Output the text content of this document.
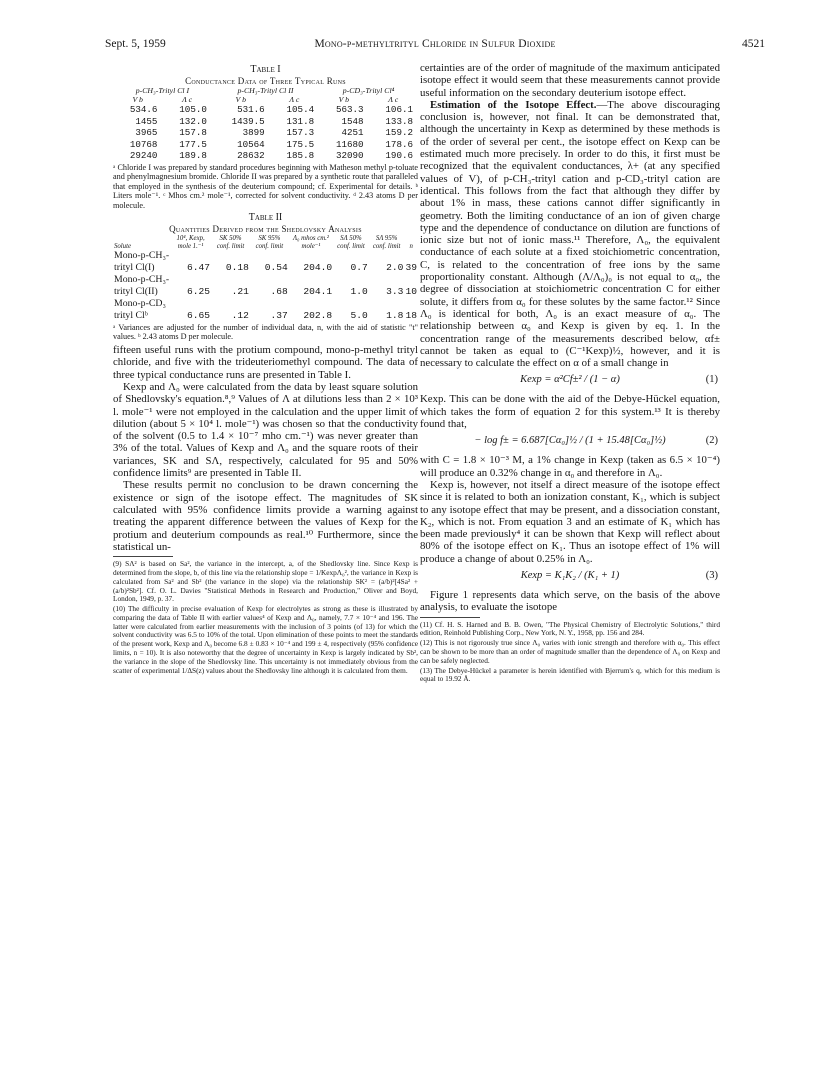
Sept. 5, 1959	Mono-p-methyltrityl Chloride in Sulfur Dioxide	4521
Table I
Conductance Data of Three Typical Runs
p-CH₃-Trityl Cl I		p-CH₃-Trityl Cl II		p-CD₃-Trityl Cl⁴	
V b	Λ c	V b	Λ c	V b	Λ c
534.6	105.0	531.6	105.4	563.3	106.1
1455	132.0	1439.5	131.8	1548	133.8
3965	157.8	3899	157.3	4251	159.2
10768	177.5	10564	175.5	11680	178.6
29240	189.8	28632	185.8	32090	190.6
ᵃ Chloride I was prepared by standard procedures beginning with Matheson methyl p-toluate and phenylmagnesium bromide. Chloride II was prepared by a synthetic route that paralleled that employed in the synthesis of the deuterium compound; cf. Experimental for details. ᵇ Liters mole⁻¹. ᶜ Mhos cm.² mole⁻¹, corrected for solvent conductivity. ᵈ 2.43 atoms D per molecule.
Table II
Quantities Derived from the Shedlovsky Analysis
Solute	10⁴, Kexp, mole 1.⁻¹	SK 50% conf. limit	SK 95% conf. limit	Λ₀ mhos cm.² mole⁻¹	SΛ 50% conf. limit	SΛ 95% conf. limit	n
Mono-p-CH₃-							
trityl Cl(I)	6.47	0.18	0.54	204.0	0.7	2.0	39
Mono-p-CH₃-							
trityl Cl(II)	6.25	.21	.68	204.1	1.0	3.3	10
Mono-p-CD₃							
trityl Clᵇ	6.65	.12	.37	202.8	5.0	1.8	18
ᵃ Variances are adjusted for the number of individual data, n, with the aid of statistic "t" values. ᵇ 2.43 atoms D per molecule.

fifteen useful runs with the protium compound, mono-p-methyl trityl chloride, and five with the trideuteriomethyl compound. The data of three typical conductance runs are presented in Table I.

Kexp and Λ₀ were calculated from the data by least square solution of Shedlovsky's equation.⁸,⁹ Values of Λ at dilutions less than 2 × 10³ l. mole⁻¹ were not employed in the calculation and the upper limit of dilution (about 5 × 10⁴ l. mole⁻¹) was chosen so that the conductivity of the solvent (0.5 to 1.4 × 10⁻⁷ mho cm.⁻¹) was never greater than 3% of the total. Values of Kexp and Λ₀ and the square roots of their variances, SK and SΛ, respectively, calculated for 95 and 50% confidence limits⁹ are presented in Table II.

These results permit no conclusion to be drawn concerning the existence or sign of the isotope effect. The magnitudes of SK calculated with 95% confidence limits provide a warning against treating the apparent difference between the values of Kexp for the protium and deuterium compounds as real.¹⁰ Furthermore, since the statistical un-

(9) SΛ² is based on Sa², the variance in the intercept, a, of the Shedlovsky line. Since Kexp is determined from the slope, b, of this line via the relationship slope = 1/KexpΛ₀², the variance in Kexp is calculated from Sa² and Sb² (the variance in the slope) via the relationship SK² = (a/b)²[4Sa² + (a/b)²Sb²]. Cf. O. L. Davies "Statistical Methods in Research and Production," Oliver and Boyd, London, 1949, p. 37.

(10) The difficulty in precise evaluation of Kexp for electrolytes as strong as these is illustrated by comparing the data of Table II with earlier values⁴ of Kexp and Λ₀, namely, 7.7 × 10⁻⁴ and 196. The latter were calculated from earlier measurements with the inclusion of 3 points (of 13) for which the solvent conductivity was 6.5 to 10% of the total. Upon elimination of these points to meet the standards of the present work, Kexp and Λ₀ become 6.8 ± 0.83 × 10⁻⁴ and 199 ± 4, respectively (95% confidence limits, n = 10). It is also noteworthy that the degree of uncertainty in Kexp is largely indicated by Sb², the variance in the slope of the Shedlovsky line. This uncertainty is not immediately obvious from the scatter of experimental 1/ΔS(z) values about the Shedlovsky line although it is calculated from them.

certainties are of the order of magnitude of the maximum anticipated isotope effect it would seem that these measurements cannot provide useful information on the secondary deuterium isotope effect.

Estimation of the Isotope Effect.—The above discouraging conclusion is, however, not final. It can be demonstrated that, although the uncertainty in Kexp as determined by these methods is of the order of several per cent., the isotope effect on Kexp can be estimated much more precisely. In order to do this, it first must be recognized that the equivalent conductances, λ+ (at any specified values of V), of p-CH₃-trityl cation and p-CD₃-trityl cation are identical. This follows from the fact that although they differ by about 1% in mass, these cations cannot differ significantly in geometry. Both the limiting conductance of an ion of given charge type and the dependence of conductance on dilution are functions of ionic size but not of ionic mass.¹¹ Therefore, Λ₀, the equivalent conductance of each solute at a fixed stoichiometric concentration, C, is related to the concentration of free ions by the same proportionality constant. Although (Λ/Λ₀)₀ is not equal to α₀, the degree of dissociation at stoichiometric concentration C for either solute, it differs from α₀ for these solutes by the same factor.¹² Since Λ₀ is identical for both, Λ₀ is an exact measure of α₀. The relationship between α₀ and Kexp is given by eq. 1. In the concentration range of the measurements described below, αf± cannot be taken as equal to (C⁻¹Kexp)½, however, and it is necessary to calculate the effect on α of a small change in

Kexp = α²Cf±² / (1 − α)	(1)

Kexp. This can be done with the aid of the Debye-Hückel equation, which takes the form of equation 2 for this system.¹³ It is thereby found that,

− log f± = 6.687[Cα₀]½ / (1 + 15.48[Cα₀]½)	(2)

with C = 1.8 × 10⁻³ M, a 1% change in Kexp (taken as 6.5 × 10⁻⁴) will produce an 0.32% change in α₀ and therefore in Λ₀.

Kexp is, however, not itself a direct measure of the isotope effect since it is related to both an ionization constant, K₁, which is subject to any isotope effect that may be present, and a dissociation constant, K₂, which is not. From equation 3 and an estimate of K₁ which has been made previously⁴ it can be shown that Kexp will reflect about 80% of the isotope effect on K₁. Thus an isotope effect of 1% will produce a change of about 0.25% in Λ₀.

Kexp = K₁K₂ / (K₁ + 1)	(3)

Figure 1 represents data which serve, on the basis of the above analysis, to evaluate the isotope

(11) Cf. H. S. Harned and B. B. Owen, "The Physical Chemistry of Electrolytic Solutions," third edition, Reinhold Publishing Corp., New York, N. Y., 1958, pp. 156 and 284.

(12) This is not rigorously true since Λ₀ varies with ionic strength and therefore with α₀. This effect can be shown to be more than an order of magnitude smaller than the dependence of Λ₀ on Kexp and can be safely neglected.

(13) The Debye-Hückel a parameter is herein identified with Bjerrum's q, which for this medium is equal to 19.92 Å.
